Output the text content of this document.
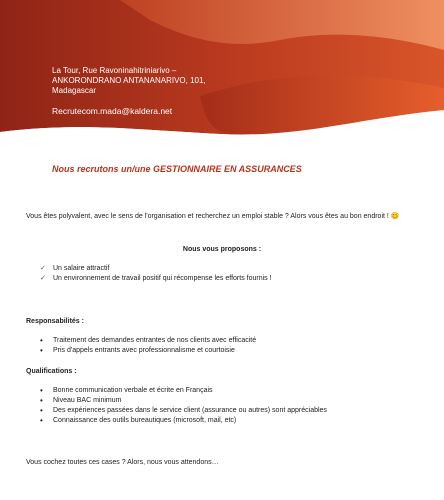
La Tour, Rue Ravoninahitriniarivo –
ANKORONDRANO ANTANANARIVO, 101,
Madagascar
Recrutecom.mada@kaldera.net
Nous recrutons un/une GESTIONNAIRE EN ASSURANCES
Vous êtes polyvalent, avec le sens de l'organisation et recherchez un emploi stable ? Alors vous êtes au bon endroit ! 😊
Nous vous proposons :
✓	Un salaire attractif
✓	Un environnement de travail positif qui récompense les efforts fournis !
Responsabilités :
•	Traitement des demandes entrantes de nos clients avec efficacité
•	Pris d'appels entrants avec professionnalisme et courtoisie
Qualifications :
•	Bonne communication verbale et écrite en Français
•	Niveau BAC minimum
•	Des expériences passées dans le service client (assurance ou autres) sont appréciables
•	Connaissance des outils bureautiques (microsoft, mail, etc)
Vous cochez toutes ces cases ? Alors, nous vous attendons…
